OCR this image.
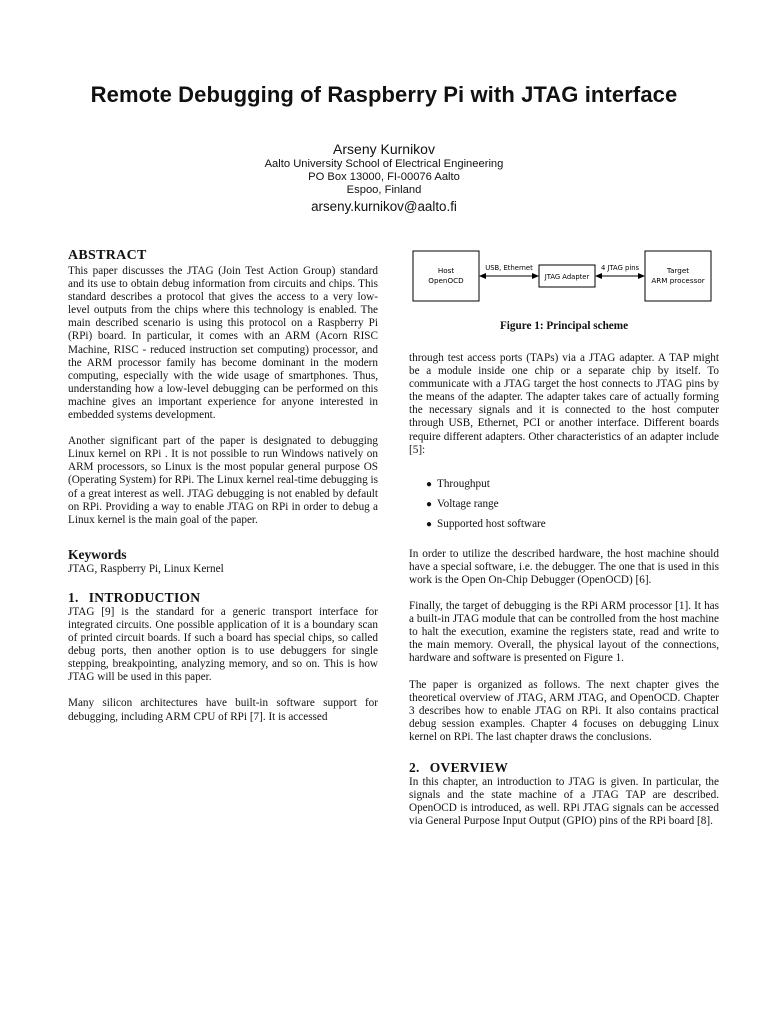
Remote Debugging of Raspberry Pi with JTAG interface
Arseny Kurnikov
Aalto University School of Electrical Engineering
PO Box 13000, FI-00076 Aalto
Espoo, Finland
arseny.kurnikov@aalto.fi
ABSTRACT

This paper discusses the JTAG (Join Test Action Group) standard and its use to obtain debug information from circuits and chips. This standard describes a protocol that gives the access to a very low-level outputs from the chips where this technology is enabled. The main described scenario is using this protocol on a Raspberry Pi (RPi) board. In particular, it comes with an ARM (Acorn RISC Machine, RISC - reduced instruction set computing) processor, and the ARM processor family has become dominant in the modern computing, especially with the wide usage of smartphones. Thus, understanding how a low-level debugging can be performed on this machine gives an important experience for anyone interested in embedded systems development.

Another significant part of the paper is designated to debugging Linux kernel on RPi . It is not possible to run Windows natively on ARM processors, so Linux is the most popular general purpose OS (Operating System) for RPi. The Linux kernel real-time debugging is of a great interest as well. JTAG debugging is not enabled by default on RPi. Providing a way to enable JTAG on RPi in order to debug a Linux kernel is the main goal of the paper.

Keywords

JTAG, Raspberry Pi, Linux Kernel

1. INTRODUCTION

JTAG [9] is the standard for a generic transport interface for integrated circuits. One possible application of it is a boundary scan of printed circuit boards. If such a board has special chips, so called debug ports, then another option is to use debuggers for single stepping, breakpointing, analyzing memory, and so on. This is how JTAG will be used in this paper.

Many silicon architectures have built-in software support for debugging, including ARM CPU of RPi [7]. It is accessed

Host
OpenOCD	JTAG Adapter
Target
ARM processor
USB, Ethernet	4 JTAG pins
Figure 1: Principal scheme

through test access ports (TAPs) via a JTAG adapter. A TAP might be a module inside one chip or a separate chip by itself. To communicate with a JTAG target the host connects to JTAG pins by the means of the adapter. The adapter takes care of actually forming the necessary signals and it is connected to the host computer through USB, Ethernet, PCI or another interface. Different boards require different adapters. Other characteristics of an adapter include [5]:

● Throughput
● Voltage range
● Supported host software

In order to utilize the described hardware, the host machine should have a special software, i.e. the debugger. The one that is used in this work is the Open On-Chip Debugger (OpenOCD) [6].

Finally, the target of debugging is the RPi ARM processor [1]. It has a built-in JTAG module that can be controlled from the host machine to halt the execution, examine the registers state, read and write to the main memory. Overall, the physical layout of the connections, hardware and software is presented on Figure 1.

The paper is organized as follows. The next chapter gives the theoretical overview of JTAG, ARM JTAG, and OpenOCD. Chapter 3 describes how to enable JTAG on RPi. It also contains practical debug session examples. Chapter 4 focuses on debugging Linux kernel on RPi. The last chapter draws the conclusions.

2. OVERVIEW

In this chapter, an introduction to JTAG is given. In particular, the signals and the state machine of a JTAG TAP are described. OpenOCD is introduced, as well. RPi JTAG signals can be accessed via General Purpose Input Output (GPIO) pins of the RPi board [8].
